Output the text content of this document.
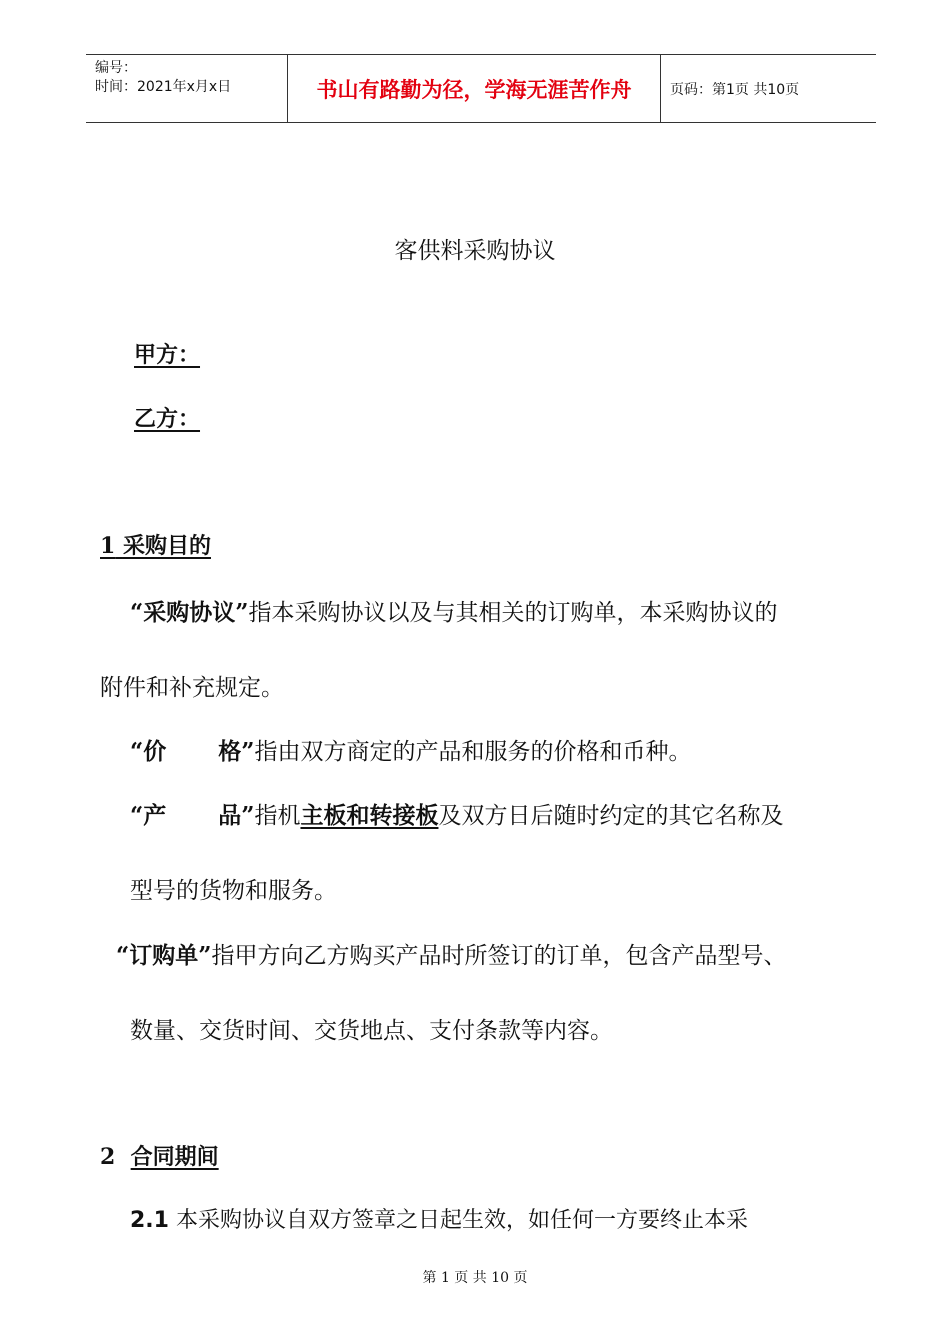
编号：
时间：2021年x月x日	书山有路勤为径，学海无涯苦作舟	页码：第1页 共10页
客供料采购协议
甲方：
乙方：
1 采购目的
“采购协议”指本采购协议以及与其相关的订购单，本采购协议的
附件和补充规定。
“价 格”指由双方商定的产品和服务的价格和币种。
“产 品”指机主板和转接板及双方日后随时约定的其它名称及
型号的货物和服务。
“订购单”指甲方向乙方购买产品时所签订的订单，包含产品型号、
数量、交货时间、交货地点、支付条款等内容。
2 合同期间
2.1 本采购协议自双方签章之日起生效，如任何一方要终止本采
第 1 页 共 10 页
